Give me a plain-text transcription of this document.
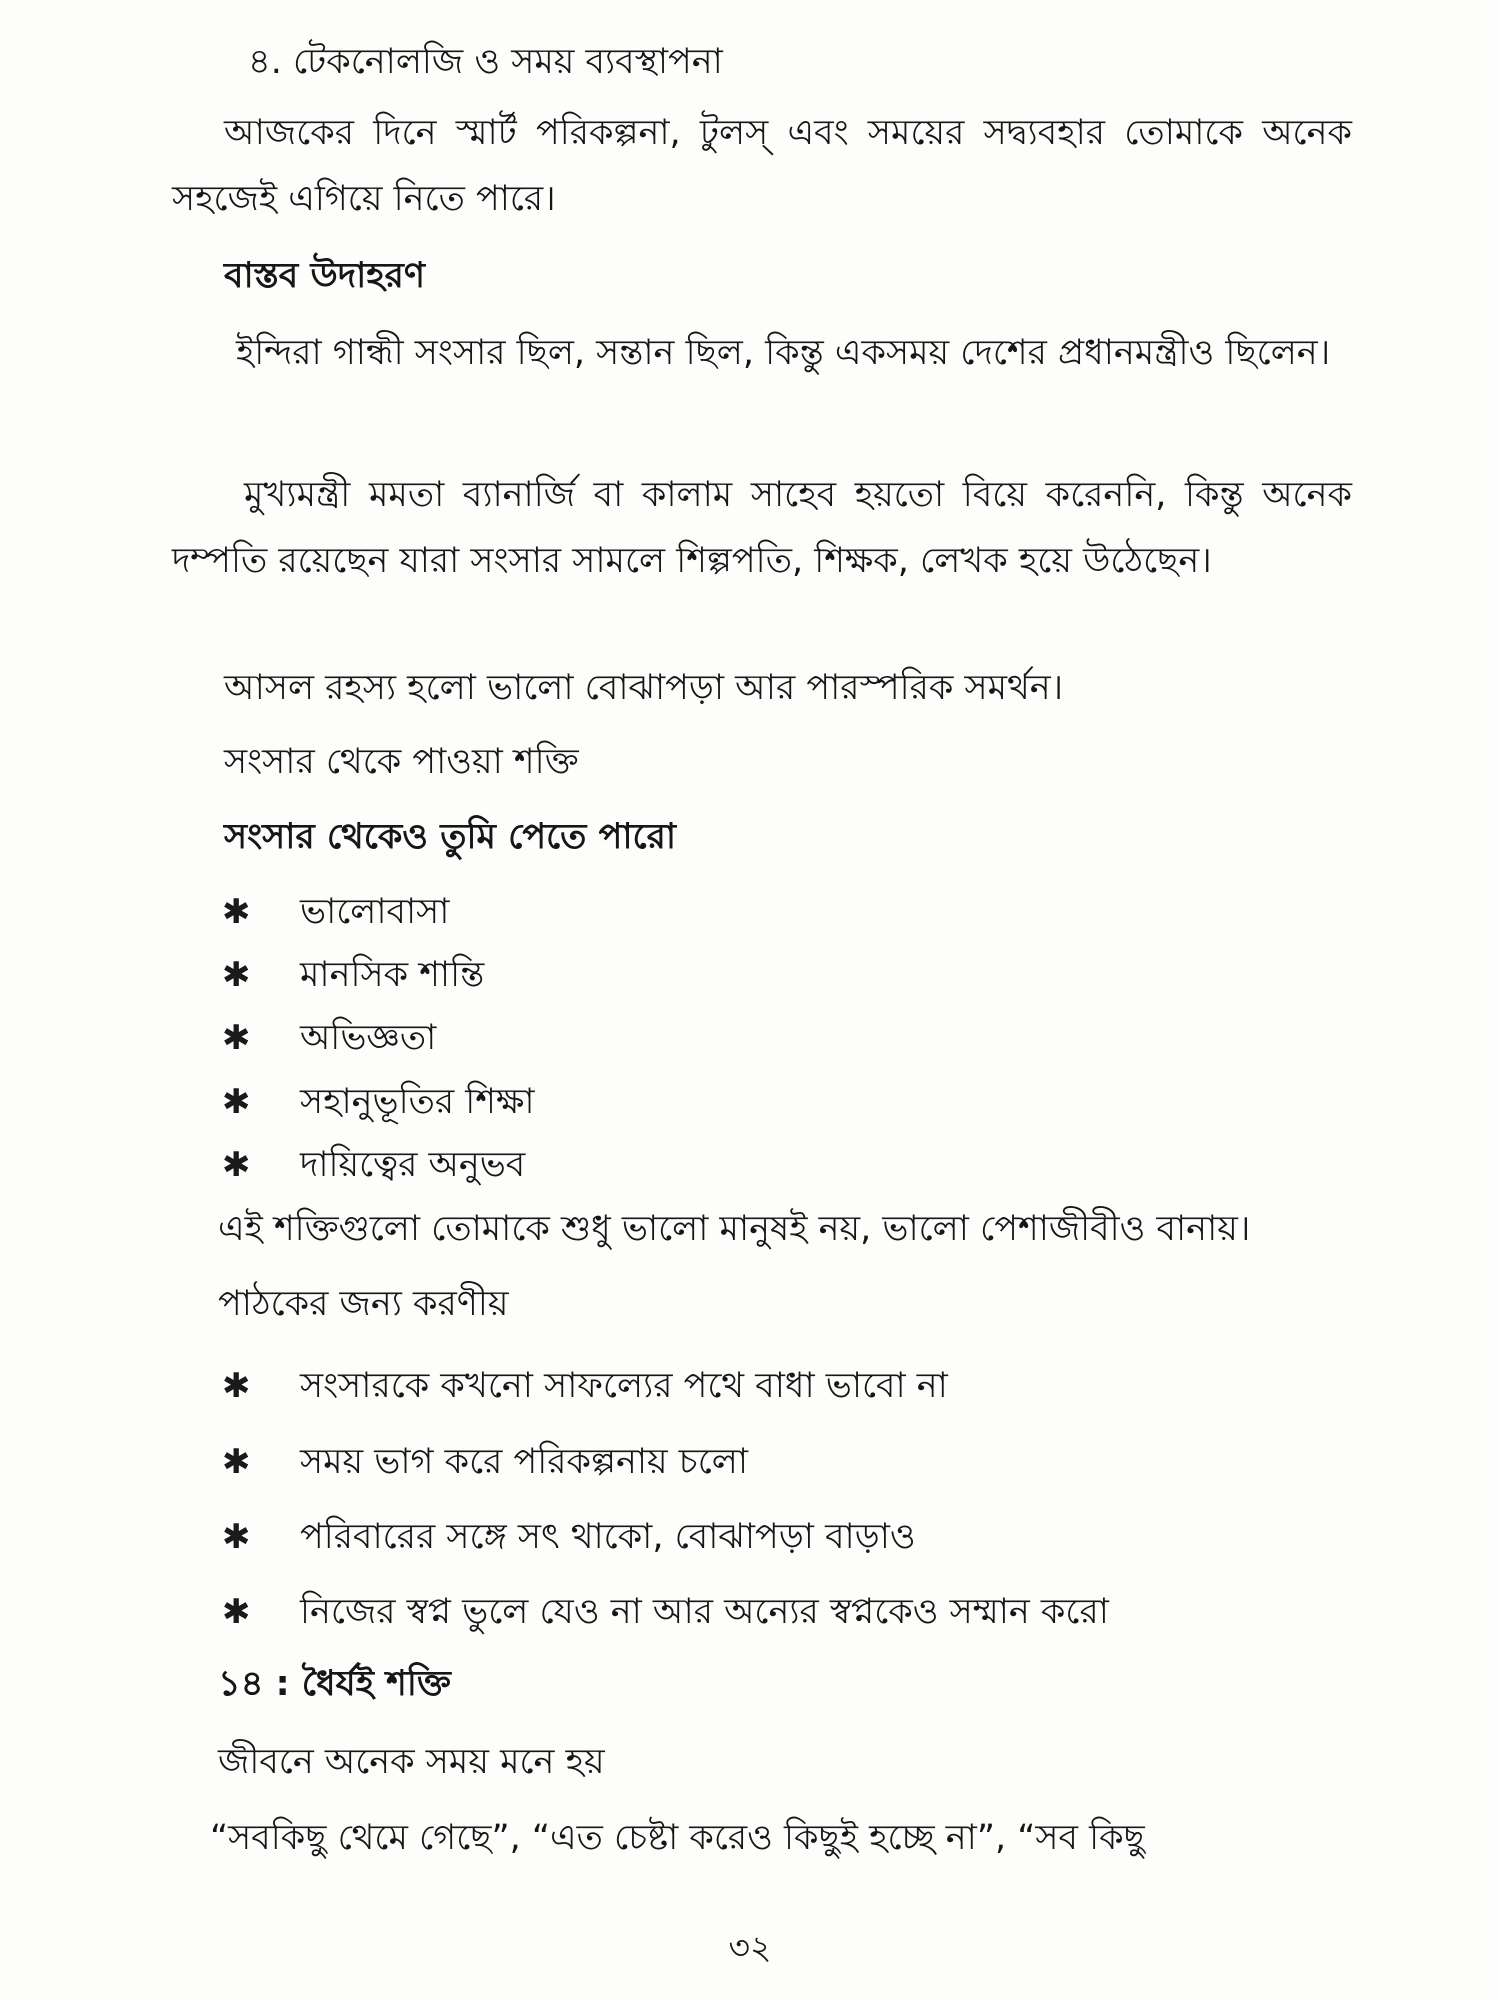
৪. টেকনোলজি ও সময় ব্যবস্থাপনা
আজকের দিনে স্মার্ট পরিকল্পনা, টুলস্ এবং সময়ের সদ্ব্যবহার তোমাকে অনেক সহজেই এগিয়ে নিতে পারে।
বাস্তব উদাহরণ
ইন্দিরা গান্ধী সংসার ছিল, সন্তান ছিল, কিন্তু একসময় দেশের প্রধানমন্ত্রীও ছিলেন।
মুখ্যমন্ত্রী মমতা ব্যানার্জি বা কালাম সাহেব হয়তো বিয়ে করেননি, কিন্তু অনেক দম্পতি রয়েছেন যারা সংসার সামলে শিল্পপতি, শিক্ষক, লেখক হয়ে উঠেছেন।
আসল রহস্য হলো ভালো বোঝাপড়া আর পারস্পরিক সমর্থন।
সংসার থেকে পাওয়া শক্তি
সংসার থেকেও তুমি পেতে পারো
✱ ভালোবাসা
✱ মানসিক শান্তি
✱ অভিজ্ঞতা
✱ সহানুভূতির শিক্ষা
✱ দায়িত্বের অনুভব
এই শক্তিগুলো তোমাকে শুধু ভালো মানুষই নয়, ভালো পেশাজীবীও বানায়।
পাঠকের জন্য করণীয়
✱ সংসারকে কখনো সাফল্যের পথে বাধা ভাবো না
✱ সময় ভাগ করে পরিকল্পনায় চলো
✱ পরিবারের সঙ্গে সৎ থাকো, বোঝাপড়া বাড়াও
✱ নিজের স্বপ্ন ভুলে যেও না আর অন্যের স্বপ্নকেও সম্মান করো
১৪ : ধৈর্যই শক্তি
জীবনে অনেক সময় মনে হয়
“সবকিছু থেমে গেছে”, “এত চেষ্টা করেও কিছুই হচ্ছে না”, “সব কিছু
৩২
